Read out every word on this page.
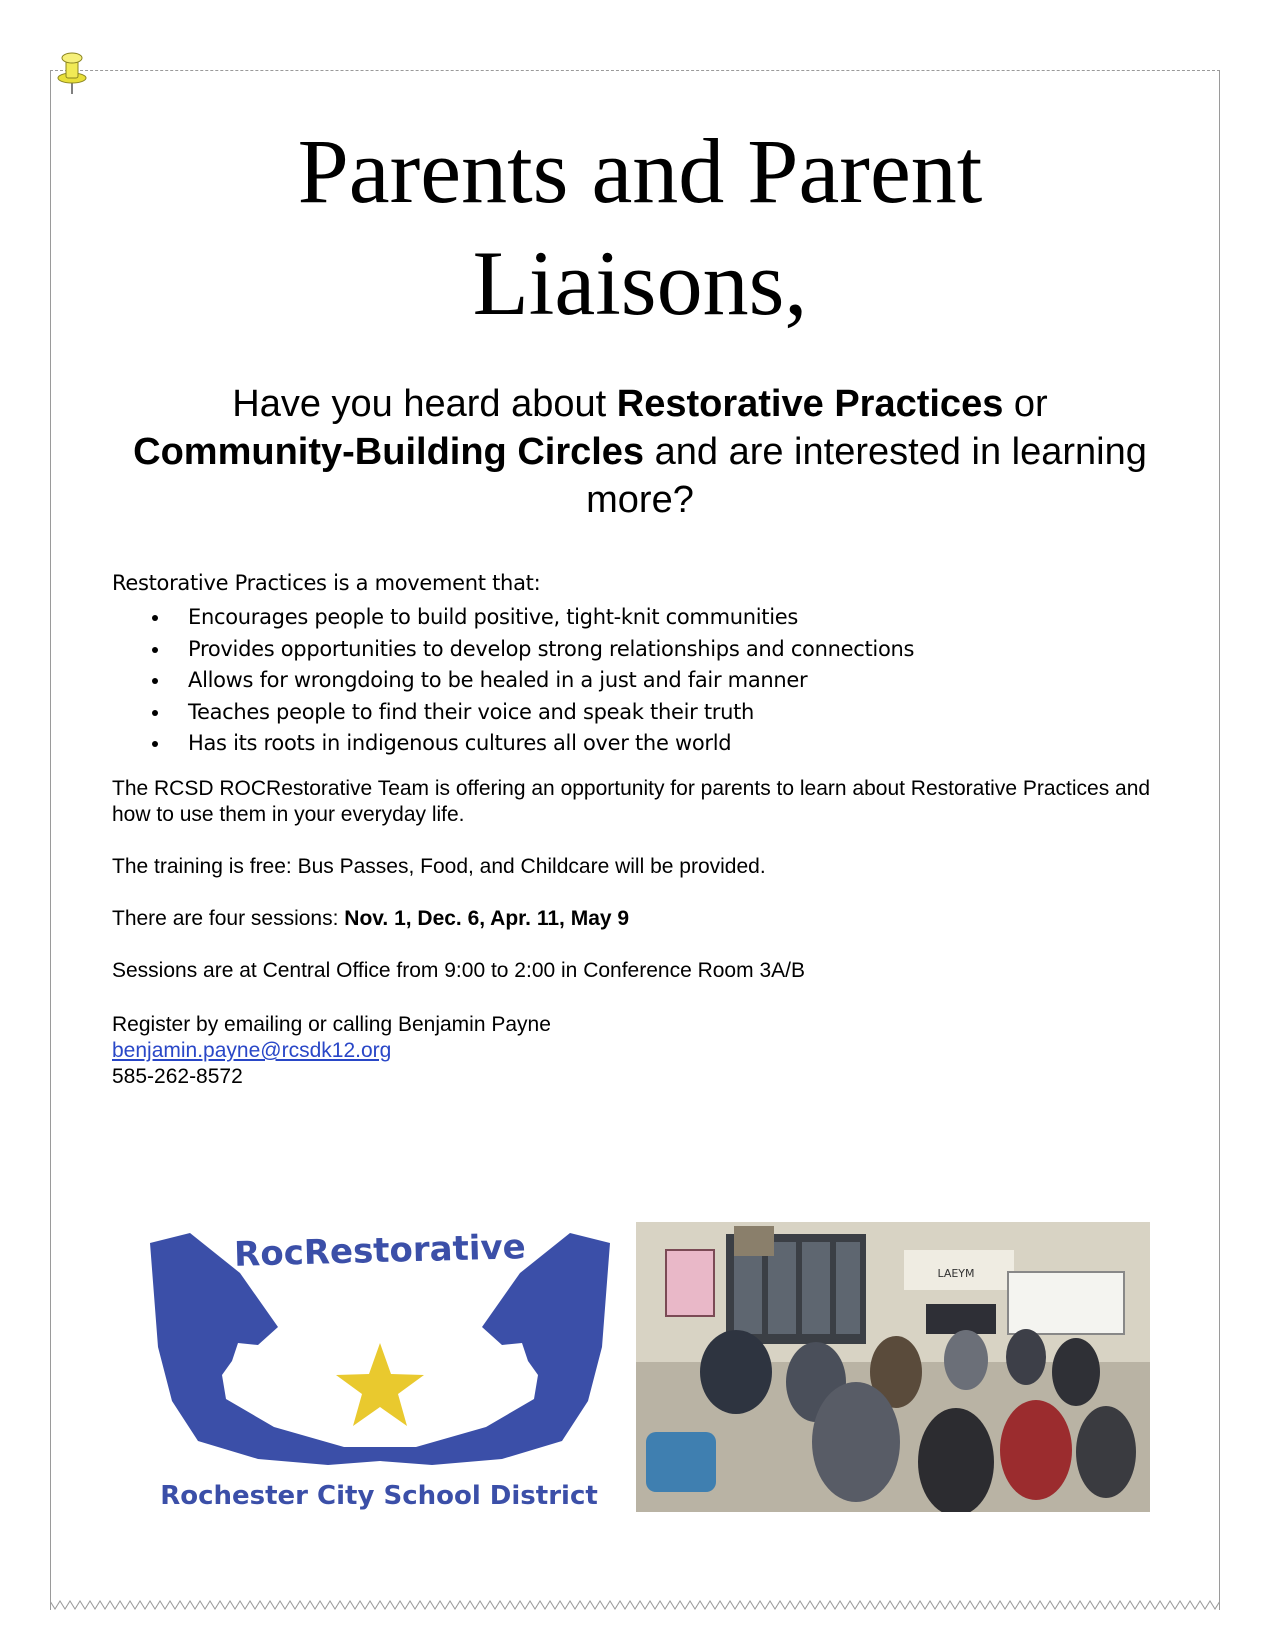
Parents and Parent
Liaisons,

Have you heard about Restorative Practices or Community-Building Circles and are interested in learning more?

Restorative Practices is a movement that:

Encourages people to build positive, tight-knit communities
Provides opportunities to develop strong relationships and connections
Allows for wrongdoing to be healed in a just and fair manner
Teaches people to find their voice and speak their truth
Has its roots in indigenous cultures all over the world

The RCSD ROCRestorative Team is offering an opportunity for parents to learn about Restorative Practices and how to use them in your everyday life.

The training is free: Bus Passes, Food, and Childcare will be provided.

There are four sessions: Nov. 1, Dec. 6, Apr. 11, May 9

Sessions are at Central Office from 9:00 to 2:00 in Conference Room 3A/B

Register by emailing or calling Benjamin Payne
benjamin.payne@rcsdk12.org
585-262-8572
RocRestorative
Rochester City School District
LAEYM
